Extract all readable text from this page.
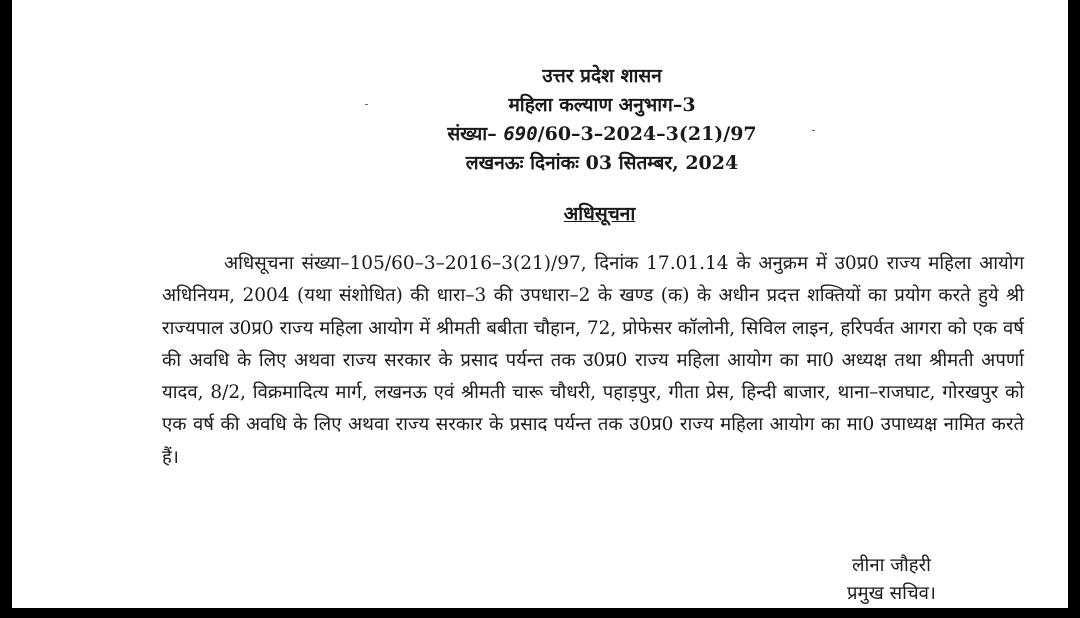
उत्तर प्रदेश शासन
महिला कल्याण अनुभाग–3
संख्या– 690/60–3–2024–3(21)/97
लखनऊः दिनांकः 03 सितम्बर, 2024
अधिसूचना
अधिसूचना संख्या–105/60–3–2016–3(21)/97, दिनांक 17.01.14 के अनुक्रम में उ0प्र0 राज्य महिला आयोग अधिनियम, 2004 (यथा संशोधित) की धारा–3 की उपधारा–2 के खण्ड (क) के अधीन प्रदत्त शक्तियों का प्रयोग करते हुये श्री राज्यपाल उ0प्र0 राज्य महिला आयोग में श्रीमती बबीता चौहान, 72, प्रोफेसर कॉलोनी, सिविल लाइन, हरिपर्वत आगरा को एक वर्ष की अवधि के लिए अथवा राज्य सरकार के प्रसाद पर्यन्त तक उ0प्र0 राज्य महिला आयोग का मा0 अध्यक्ष तथा श्रीमती अपर्णा यादव, 8/2, विक्रमादित्य मार्ग, लखनऊ एवं श्रीमती चारू चौधरी, पहाड़पुर, गीता प्रेस, हिन्दी बाजार, थाना–राजघाट, गोरखपुर को एक वर्ष की अवधि के लिए अथवा राज्य सरकार के प्रसाद पर्यन्त तक उ0प्र0 राज्य महिला आयोग का मा0 उपाध्यक्ष नामित करते हैं।
लीना जौहरी
प्रमुख सचिव।
